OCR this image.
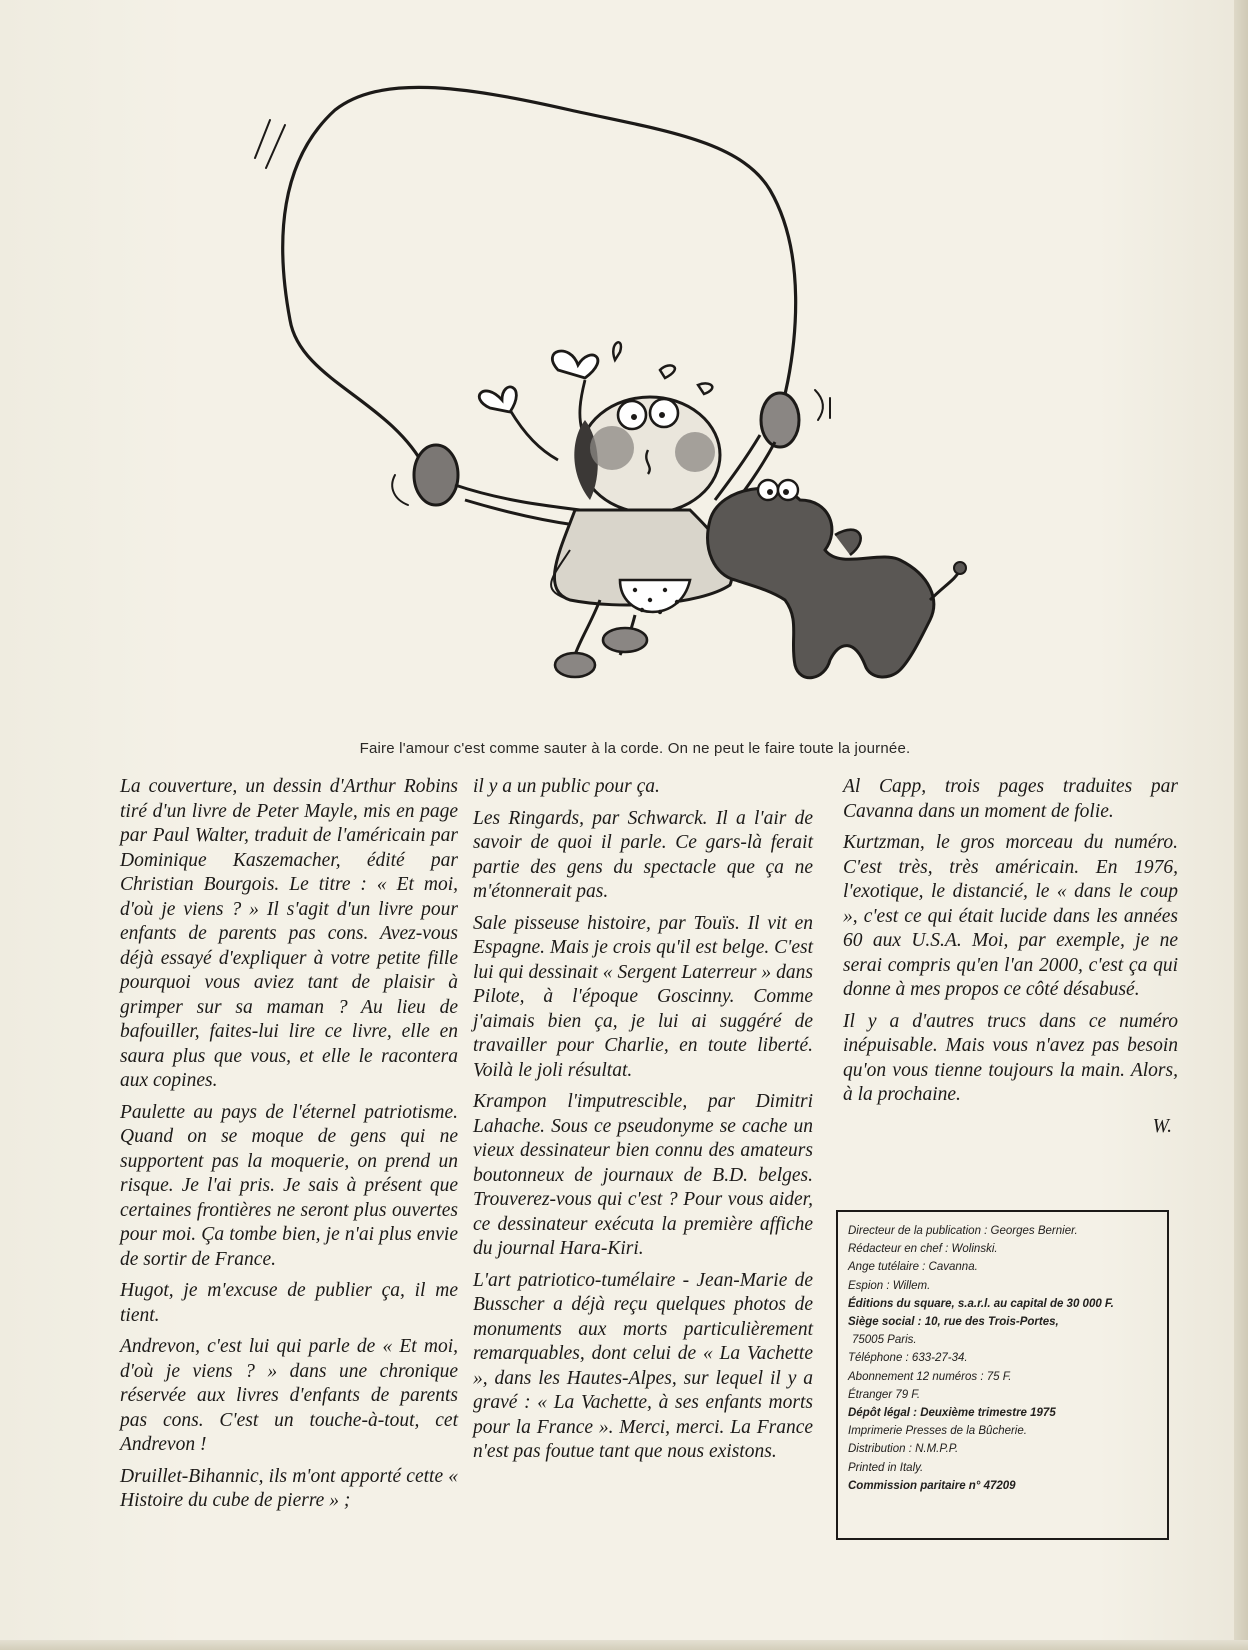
Faire l'amour c'est comme sauter à la corde. On ne peut le faire toute la journée.

La couverture, un dessin d'Arthur Robins tiré d'un livre de Peter Mayle, mis en page par Paul Walter, traduit de l'américain par Dominique Kaszemacher, édité par Christian Bourgois. Le titre : « Et moi, d'où je viens ? » Il s'agit d'un livre pour enfants de parents pas cons. Avez-vous déjà essayé d'expliquer à votre petite fille pourquoi vous aviez tant de plaisir à grimper sur sa maman ? Au lieu de bafouiller, faites-lui lire ce livre, elle en saura plus que vous, et elle le racontera aux copines.

Paulette au pays de l'éternel patriotisme. Quand on se moque de gens qui ne supportent pas la moquerie, on prend un risque. Je l'ai pris. Je sais à présent que certaines frontières ne seront plus ouvertes pour moi. Ça tombe bien, je n'ai plus envie de sortir de France.

Hugot, je m'excuse de publier ça, il me tient.

Andrevon, c'est lui qui parle de « Et moi, d'où je viens ? » dans une chronique réservée aux livres d'enfants de parents pas cons. C'est un touche-à-tout, cet Andrevon !

Druillet-Bihannic, ils m'ont apporté cette « Histoire du cube de pierre » ;

il y a un public pour ça.

Les Ringards, par Schwarck. Il a l'air de savoir de quoi il parle. Ce gars-là ferait partie des gens du spectacle que ça ne m'étonnerait pas.

Sale pisseuse histoire, par Touïs. Il vit en Espagne. Mais je crois qu'il est belge. C'est lui qui dessinait « Sergent Laterreur » dans Pilote, à l'époque Goscinny. Comme j'aimais bien ça, je lui ai suggéré de travailler pour Charlie, en toute liberté. Voilà le joli résultat.

Krampon l'imputrescible, par Dimitri Lahache. Sous ce pseudonyme se cache un vieux dessinateur bien connu des amateurs boutonneux de journaux de B.D. belges. Trouverez-vous qui c'est ? Pour vous aider, ce dessinateur exécuta la première affiche du journal Hara-Kiri.

L'art patriotico-tumélaire - Jean-Marie de Busscher a déjà reçu quelques photos de monuments aux morts particulièrement remarquables, dont celui de « La Vachette », dans les Hautes-Alpes, sur lequel il y a gravé : « La Vachette, à ses enfants morts pour la France ». Merci, merci. La France n'est pas foutue tant que nous existons.

Al Capp, trois pages traduites par Cavanna dans un moment de folie.

Kurtzman, le gros morceau du numéro. C'est très, très américain. En 1976, l'exotique, le distancié, le « dans le coup », c'est ce qui était lucide dans les années 60 aux U.S.A. Moi, par exemple, je ne serai compris qu'en l'an 2000, c'est ça qui donne à mes propos ce côté désabusé.

Il y a d'autres trucs dans ce numéro inépuisable. Mais vous n'avez pas besoin qu'on vous tienne toujours la main. Alors, à la prochaine.

W.
Directeur de la publication : Georges Bernier.
Rédacteur en chef : Wolinski.
Ange tutélaire : Cavanna.
Espion : Willem.
Éditions du square, s.a.r.l. au capital de 30 000 F.
Siège social : 10, rue des Trois-Portes,
75005 Paris.
Téléphone : 633-27-34.
Abonnement 12 numéros : 75 F.
Étranger 79 F.
Dépôt légal : Deuxième trimestre 1975
Imprimerie Presses de la Bûcherie.
Distribution : N.M.P.P.
Printed in Italy.
Commission paritaire n° 47209
